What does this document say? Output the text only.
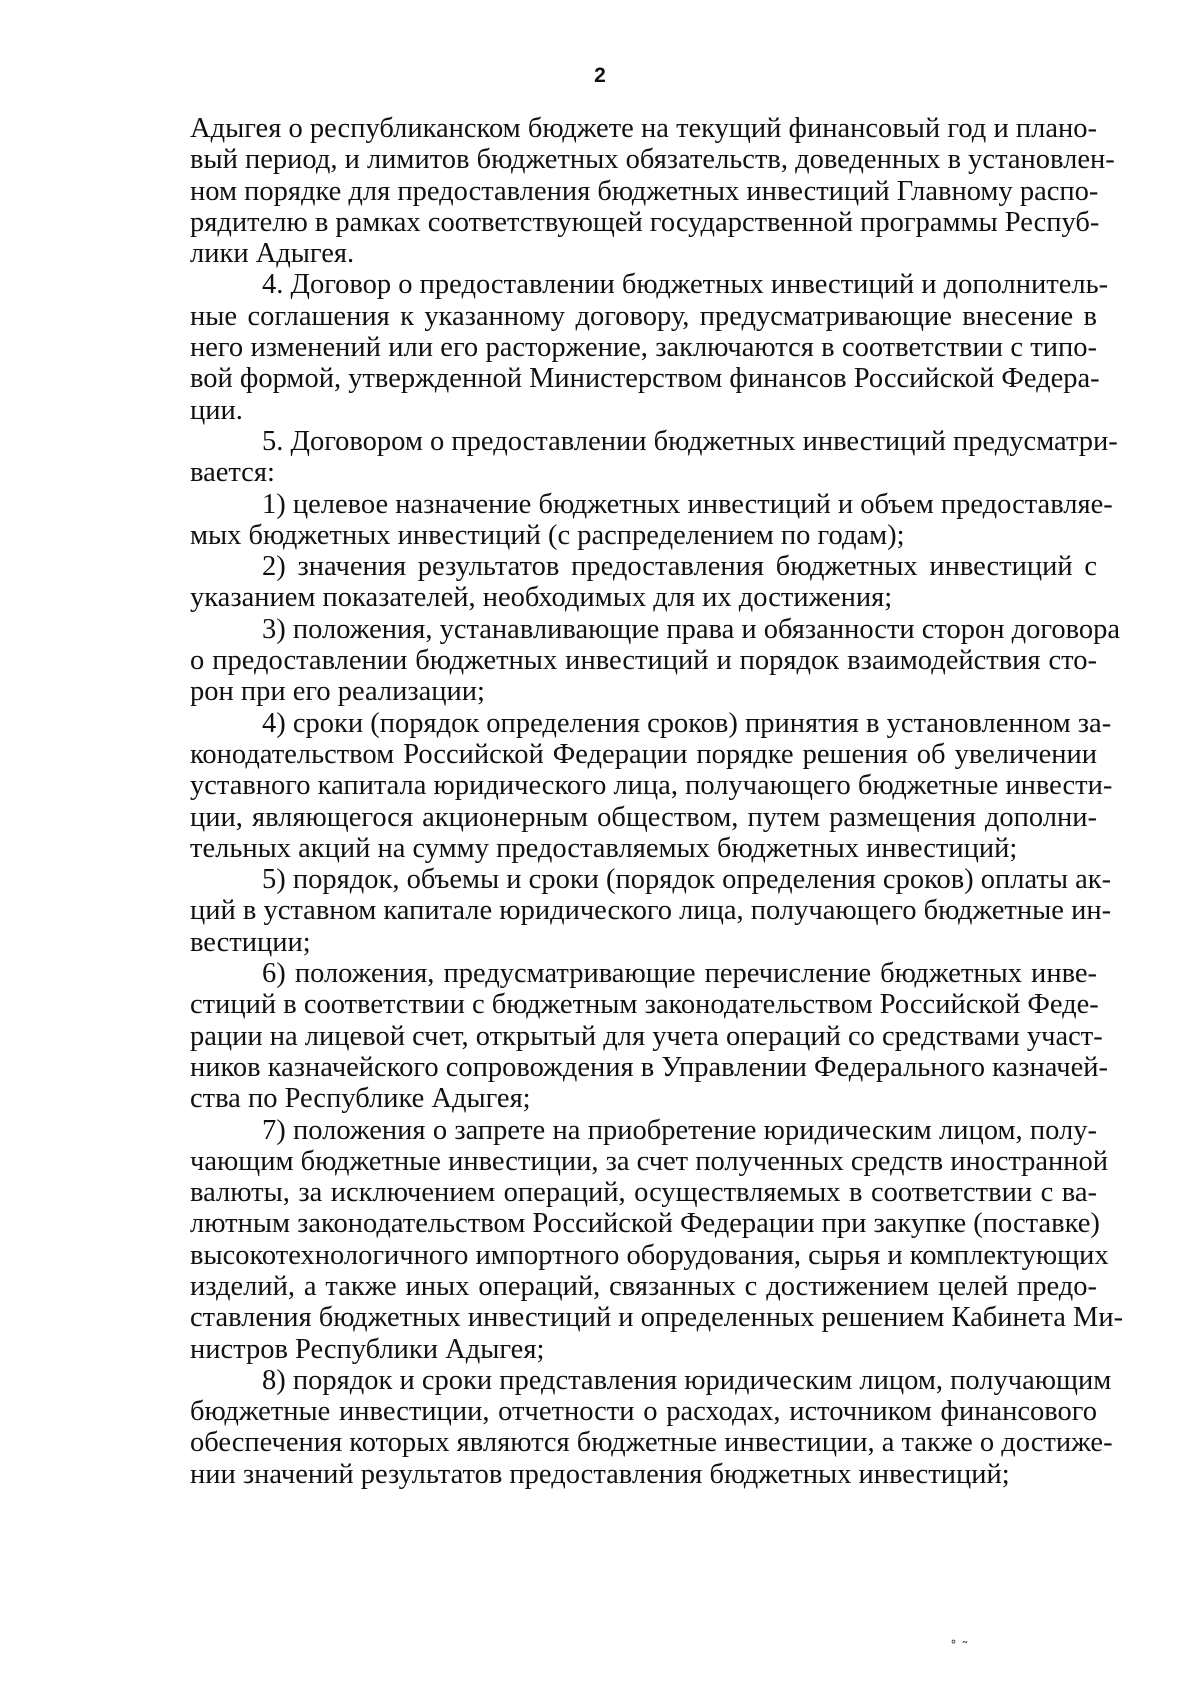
2
Адыгея о республиканском бюджете на текущий финансовый год и плано-
вый период, и лимитов бюджетных обязательств, доведенных в установлен-
ном порядке для предоставления бюджетных инвестиций Главному распо-
рядителю в рамках соответствующей государственной программы Респуб-
лики Адыгея.
4. Договор о предоставлении бюджетных инвестиций и дополнитель-
ные соглашения к указанному договору, предусматривающие внесение в
него изменений или его расторжение, заключаются в соответствии с типо-
вой формой, утвержденной Министерством финансов Российской Федера-
ции.
5. Договором о предоставлении бюджетных инвестиций предусматри-
вается:
1) целевое назначение бюджетных инвестиций и объем предоставляе-
мых бюджетных инвестиций (с распределением по годам);
2) значения результатов предоставления бюджетных инвестиций с
указанием показателей, необходимых для их достижения;
3) положения, устанавливающие права и обязанности сторон договора
о предоставлении бюджетных инвестиций и порядок взаимодействия сто-
рон при его реализации;
4) сроки (порядок определения сроков) принятия в установленном за-
конодательством Российской Федерации порядке решения об увеличении
уставного капитала юридического лица, получающего бюджетные инвести-
ции, являющегося акционерным обществом, путем размещения дополни-
тельных акций на сумму предоставляемых бюджетных инвестиций;
5) порядок, объемы и сроки (порядок определения сроков) оплаты ак-
ций в уставном капитале юридического лица, получающего бюджетные ин-
вестиции;
6) положения, предусматривающие перечисление бюджетных инве-
стиций в соответствии с бюджетным законодательством Российской Феде-
рации на лицевой счет, открытый для учета операций со средствами участ-
ников казначейского сопровождения в Управлении Федерального казначей-
ства по Республике Адыгея;
7) положения о запрете на приобретение юридическим лицом, полу-
чающим бюджетные инвестиции, за счет полученных средств иностранной
валюты, за исключением операций, осуществляемых в соответствии с ва-
лютным законодательством Российской Федерации при закупке (поставке)
высокотехнологичного импортного оборудования, сырья и комплектующих
изделий, а также иных операций, связанных с достижением целей предо-
ставления бюджетных инвестиций и определенных решением Кабинета Ми-
нистров Республики Адыгея;
8) порядок и сроки представления юридическим лицом, получающим
бюджетные инвестиции, отчетности о расходах, источником финансового
обеспечения которых являются бюджетные инвестиции, а также о достиже-
нии значений результатов предоставления бюджетных инвестиций;
˚ ˜
